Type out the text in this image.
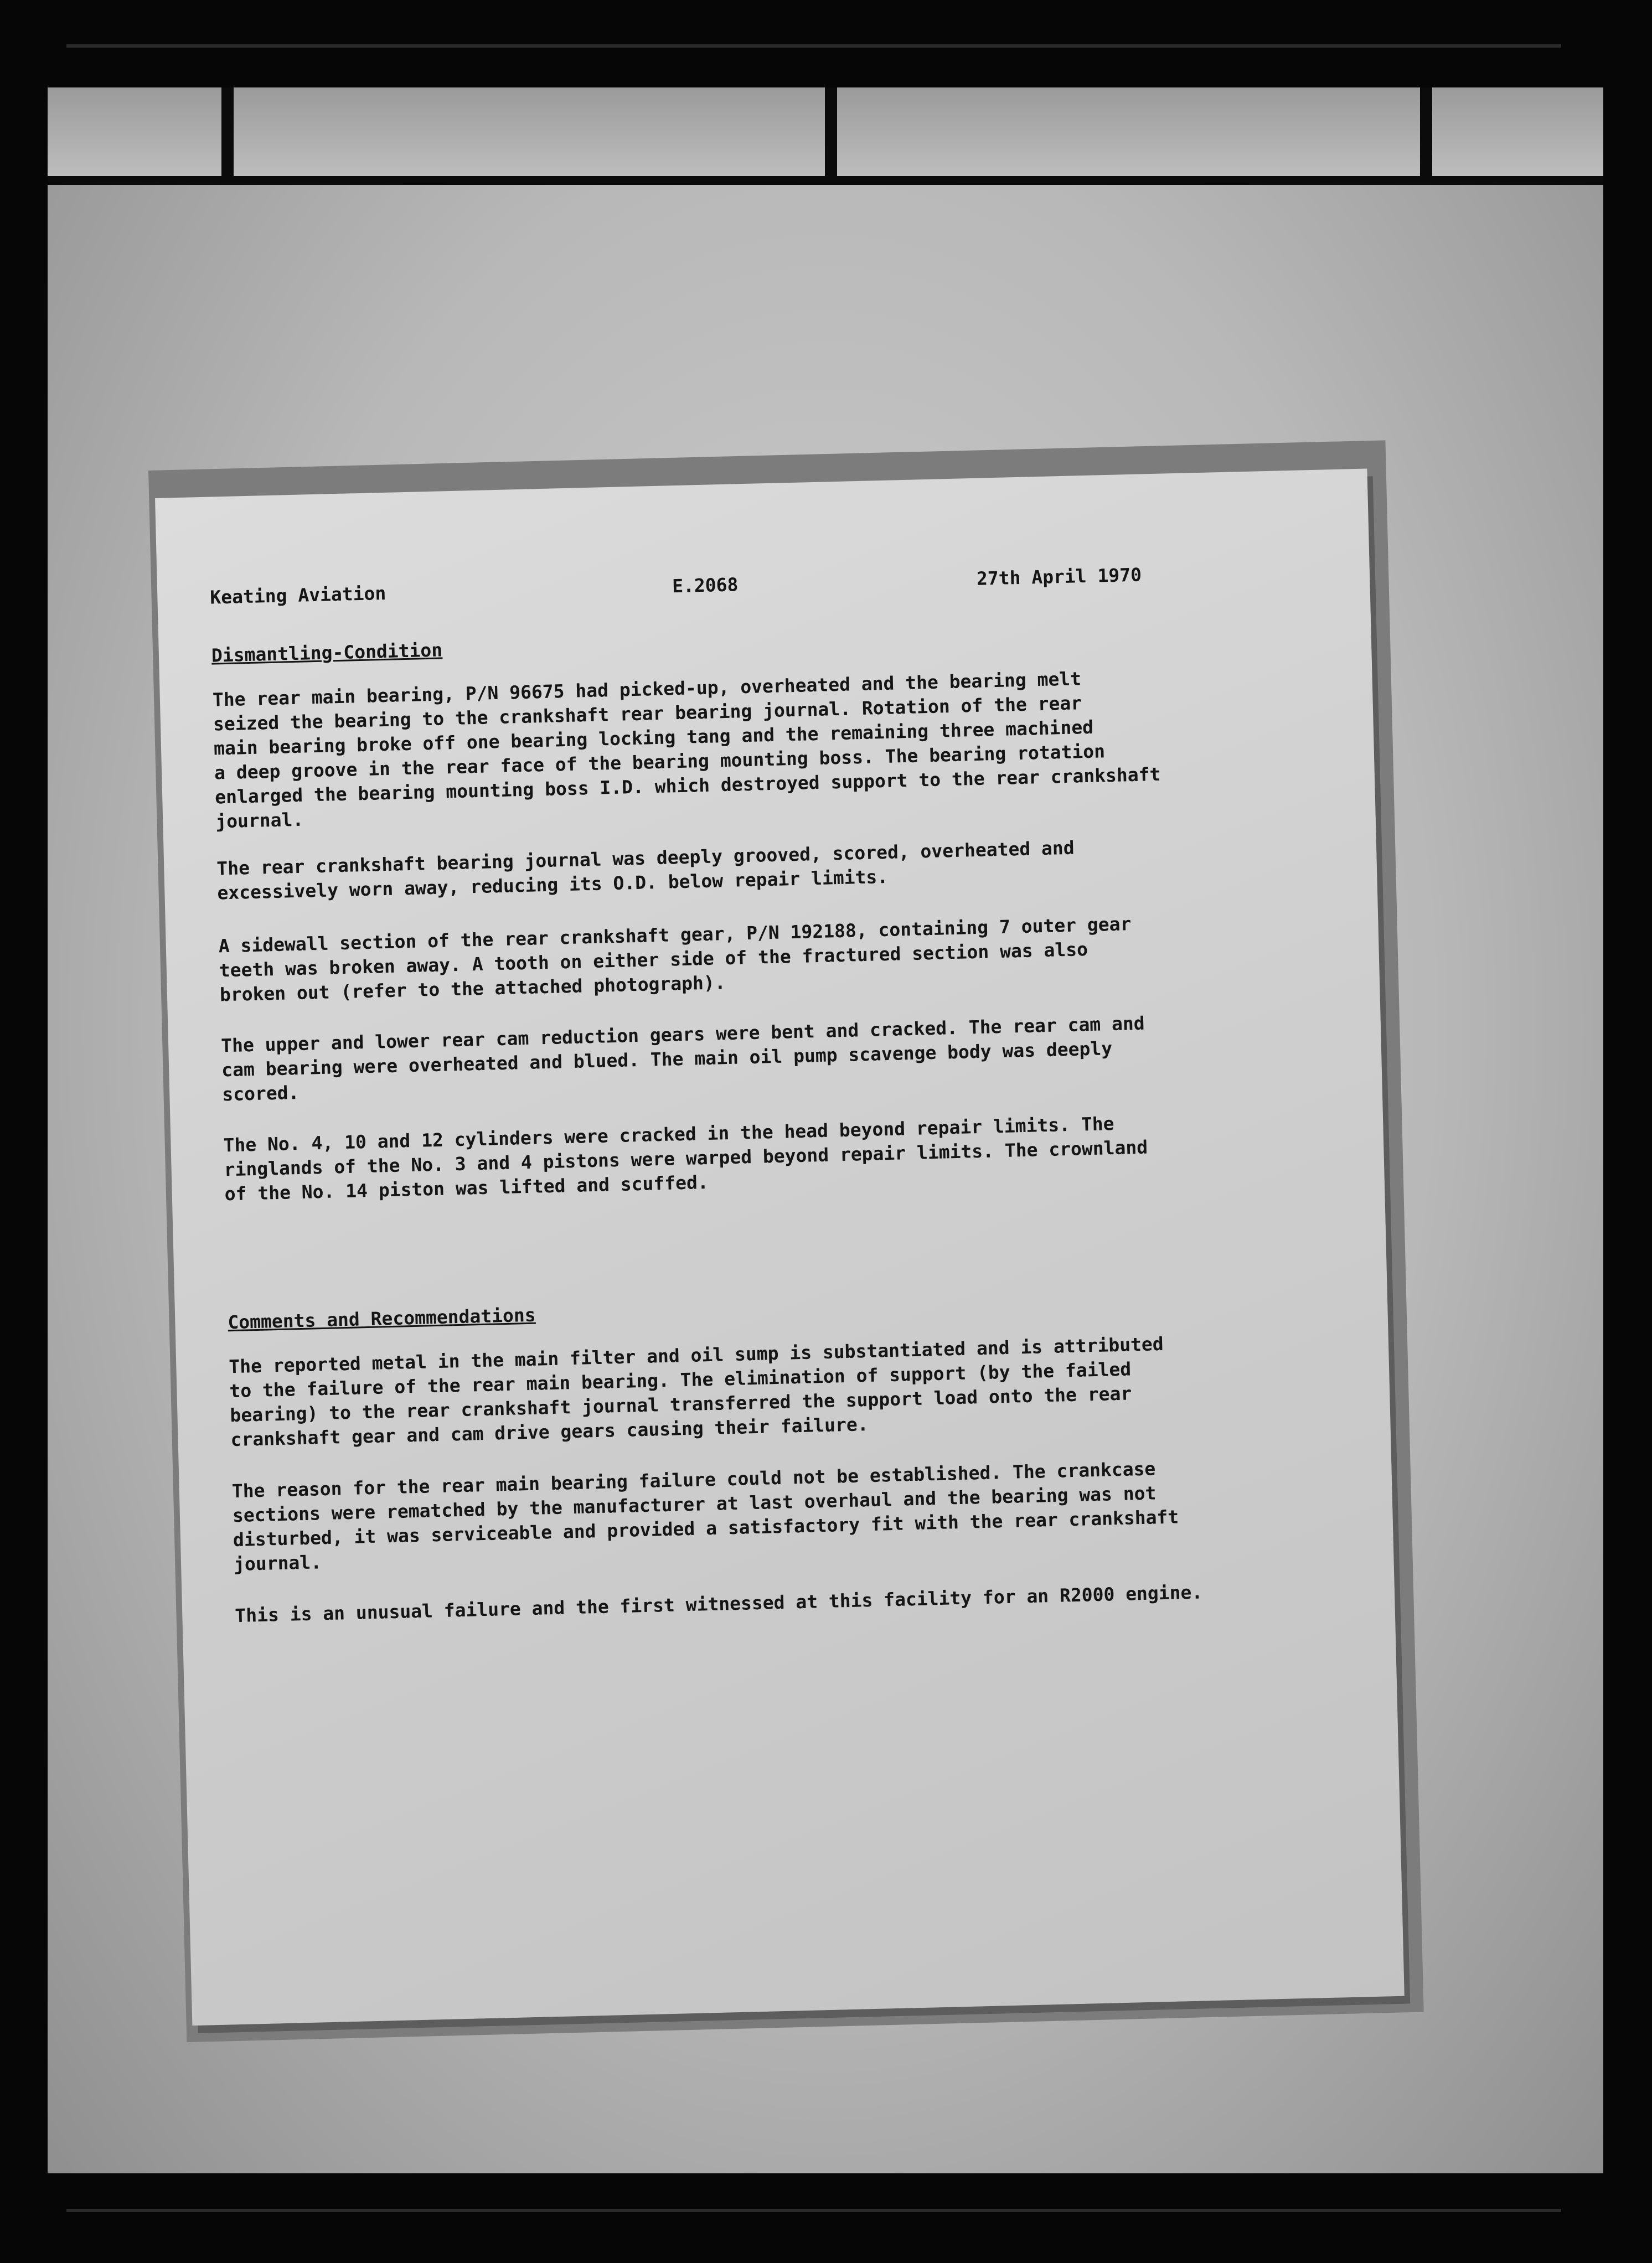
Keating Aviation	E.2068	27th April 1970
Dismantling-Condition
The rear main bearing, P/N 96675 had picked-up, overheated and the bearing melt
seized the bearing to the crankshaft rear bearing journal. Rotation of the rear
main bearing broke off one bearing locking tang and the remaining three machined
a deep groove in the rear face of the bearing mounting boss. The bearing rotation
enlarged the bearing mounting boss I.D. which destroyed support to the rear crankshaft
journal.
The rear crankshaft bearing journal was deeply grooved, scored, overheated and
excessively worn away, reducing its O.D. below repair limits.
A sidewall section of the rear crankshaft gear, P/N 192188, containing 7 outer gear
teeth was broken away. A tooth on either side of the fractured section was also
broken out (refer to the attached photograph).
The upper and lower rear cam reduction gears were bent and cracked. The rear cam and
cam bearing were overheated and blued. The main oil pump scavenge body was deeply
scored.
The No. 4, 10 and 12 cylinders were cracked in the head beyond repair limits. The
ringlands of the No. 3 and 4 pistons were warped beyond repair limits. The crownland
of the No. 14 piston was lifted and scuffed.
Comments and Recommendations
The reported metal in the main filter and oil sump is substantiated and is attributed
to the failure of the rear main bearing. The elimination of support (by the failed
bearing) to the rear crankshaft journal transferred the support load onto the rear
crankshaft gear and cam drive gears causing their failure.
The reason for the rear main bearing failure could not be established. The crankcase
sections were rematched by the manufacturer at last overhaul and the bearing was not
disturbed, it was serviceable and provided a satisfactory fit with the rear crankshaft
journal.
This is an unusual failure and the first witnessed at this facility for an R2000 engine.
